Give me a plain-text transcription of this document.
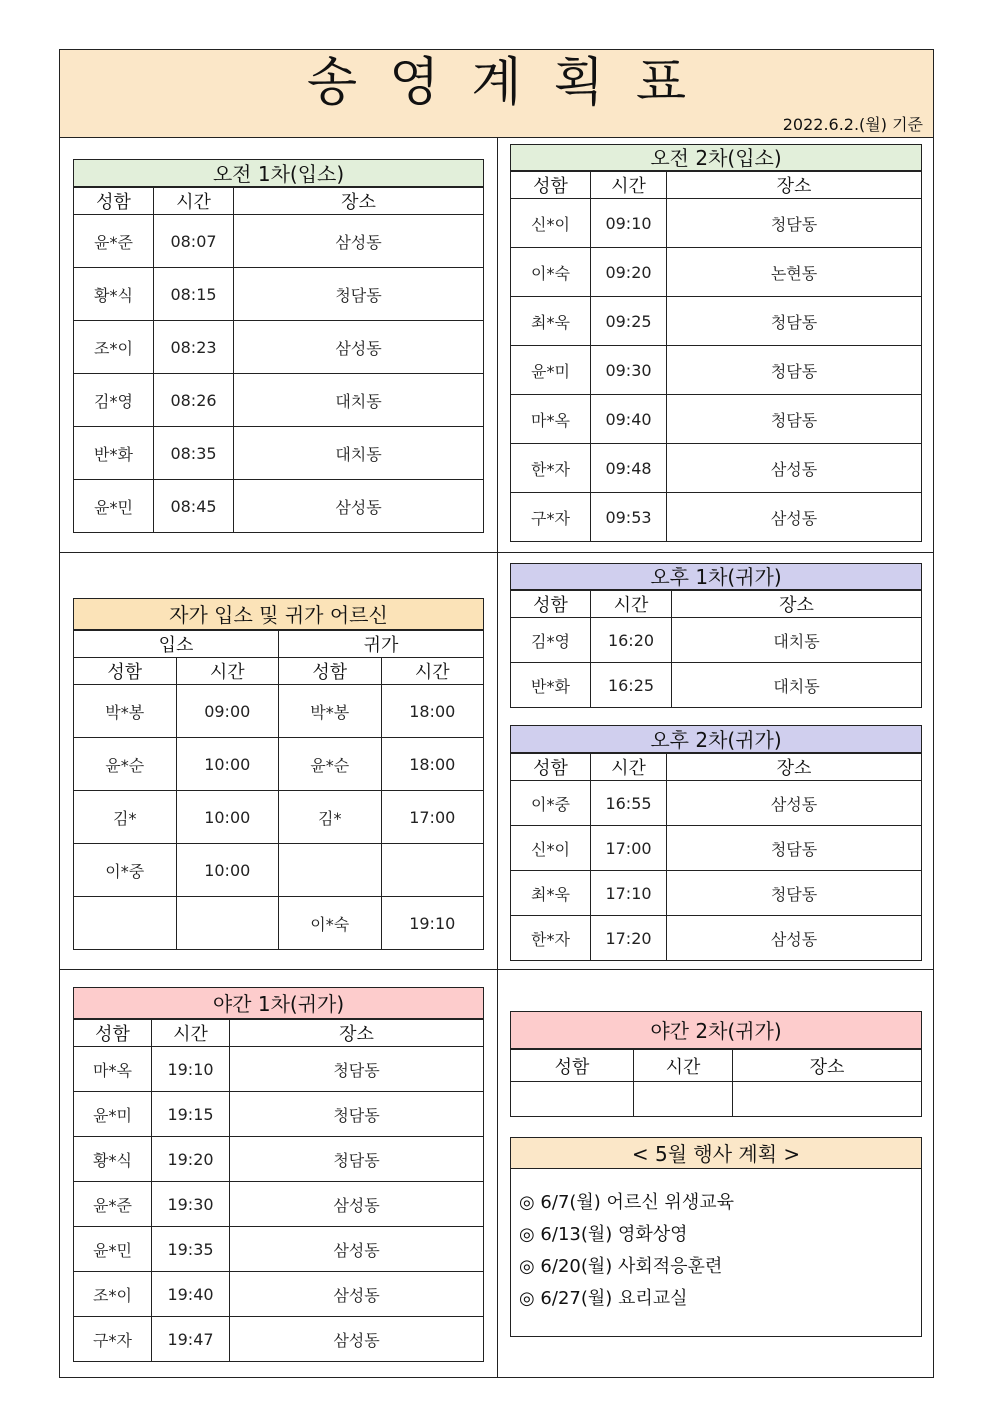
송영계획표
2022.6.2.(월) 기준
오전 1차(입소)
성함	시간	장소
윤*준	08:07	삼성동
황*식	08:15	청담동
조*이	08:23	삼성동
김*영	08:26	대치동
반*화	08:35	대치동
윤*민	08:45	삼성동
오전 2차(입소)
성함	시간	장소
신*이	09:10	청담동
이*숙	09:20	논현동
최*욱	09:25	청담동
윤*미	09:30	청담동
마*옥	09:40	청담동
한*자	09:48	삼성동
구*자	09:53	삼성동
자가 입소 및 귀가 어르신
입소		귀가	
성함	시간	성함	시간
박*봉	09:00	박*봉	18:00
윤*순	10:00	윤*순	18:00
김*	10:00	김*	17:00
이*중	10:00		
		이*숙	19:10
오후 1차(귀가)
성함	시간	장소
김*영	16:20	대치동
반*화	16:25	대치동
오후 2차(귀가)
성함	시간	장소
이*중	16:55	삼성동
신*이	17:00	청담동
최*욱	17:10	청담동
한*자	17:20	삼성동
야간 1차(귀가)
성함	시간	장소
마*옥	19:10	청담동
윤*미	19:15	청담동
황*식	19:20	청담동
윤*준	19:30	삼성동
윤*민	19:35	삼성동
조*이	19:40	삼성동
구*자	19:47	삼성동
야간 2차(귀가)
성함	시간	장소

< 5월 행사 계획 >
◎ 6/7(월) 어르신 위생교육
◎ 6/13(월) 영화상영
◎ 6/20(월) 사회적응훈련
◎ 6/27(월) 요리교실
